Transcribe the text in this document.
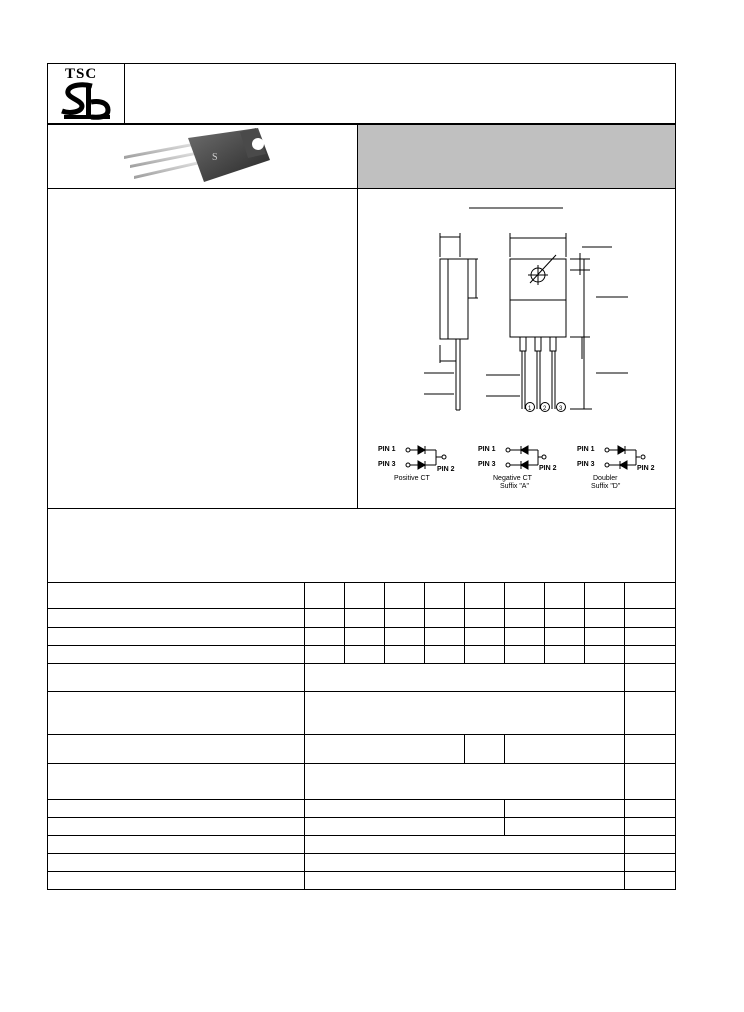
TSC
S
1 2 3
PIN 1
PIN 3
PIN 2
Positive CT
PIN 1
PIN 3
PIN 2
Negative CT
Suffix "A"
PIN 1
PIN 3
PIN 2
Doubler
Suffix "D"
